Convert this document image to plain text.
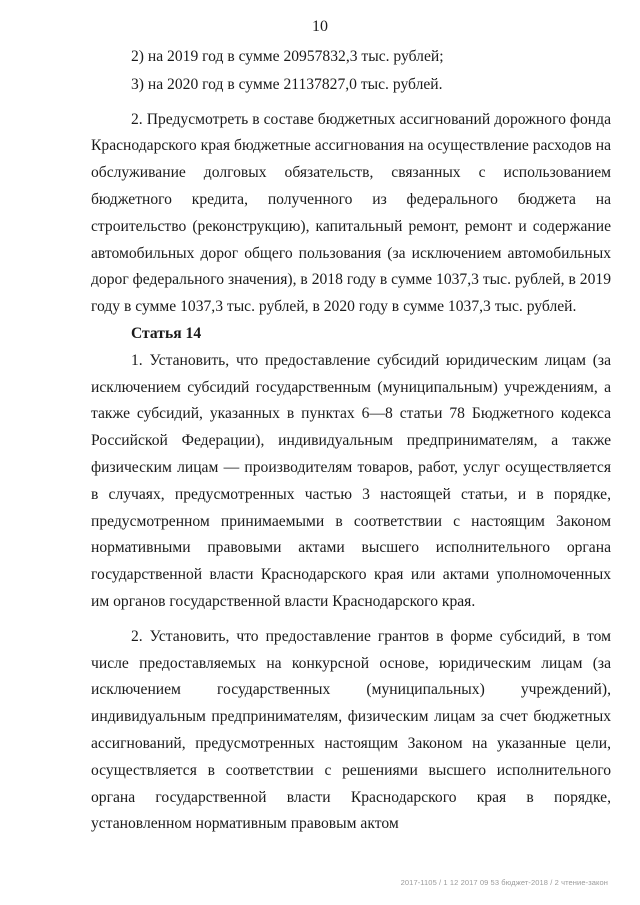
10

2) на 2019 год в сумме 20957832,3 тыс. рублей;

3) на 2020 год в сумме 21137827,0 тыс. рублей.

2. Предусмотреть в составе бюджетных ассигнований дорожного фонда Краснодарского края бюджетные ассигнования на осуществление расходов на обслуживание долговых обязательств, связанных с использованием бюджетного кредита, полученного из федерального бюджета на строительство (реконструкцию), капитальный ремонт, ремонт и содержание автомобильных дорог общего пользования (за исключением автомобильных дорог федерального значения), в 2018 году в сумме 1037,3 тыс. рублей, в 2019 году в сумме 1037,3 тыс. рублей, в 2020 году в сумме 1037,3 тыс. рублей.

Статья 14

1. Установить, что предоставление субсидий юридическим лицам (за исключением субсидий государственным (муниципальным) учреждениям, а также субсидий, указанных в пунктах 6—8 статьи 78 Бюджетного кодекса Российской Федерации), индивидуальным предпринимателям, а также физическим лицам — производителям товаров, работ, услуг осуществляется в случаях, предусмотренных частью 3 настоящей статьи, и в порядке, предусмотренном принимаемыми в соответствии с настоящим Законом нормативными правовыми актами высшего исполнительного органа государственной власти Краснодарского края или актами уполномоченных им органов государственной власти Краснодарского края.

2. Установить, что предоставление грантов в форме субсидий, в том числе предоставляемых на конкурсной основе, юридическим лицам (за исключением государственных (муниципальных) учреждений), индивидуальным предпринимателям, физическим лицам за счет бюджетных ассигнований, предусмотренных настоящим Законом на указанные цели, осуществляется в соответствии с решениями высшего исполнительного органа государственной власти Краснодарского края в порядке, установленном нормативным правовым актом

2017-1105 / 1 12 2017 09 53 бюджет-2018 / 2 чтение-закон
